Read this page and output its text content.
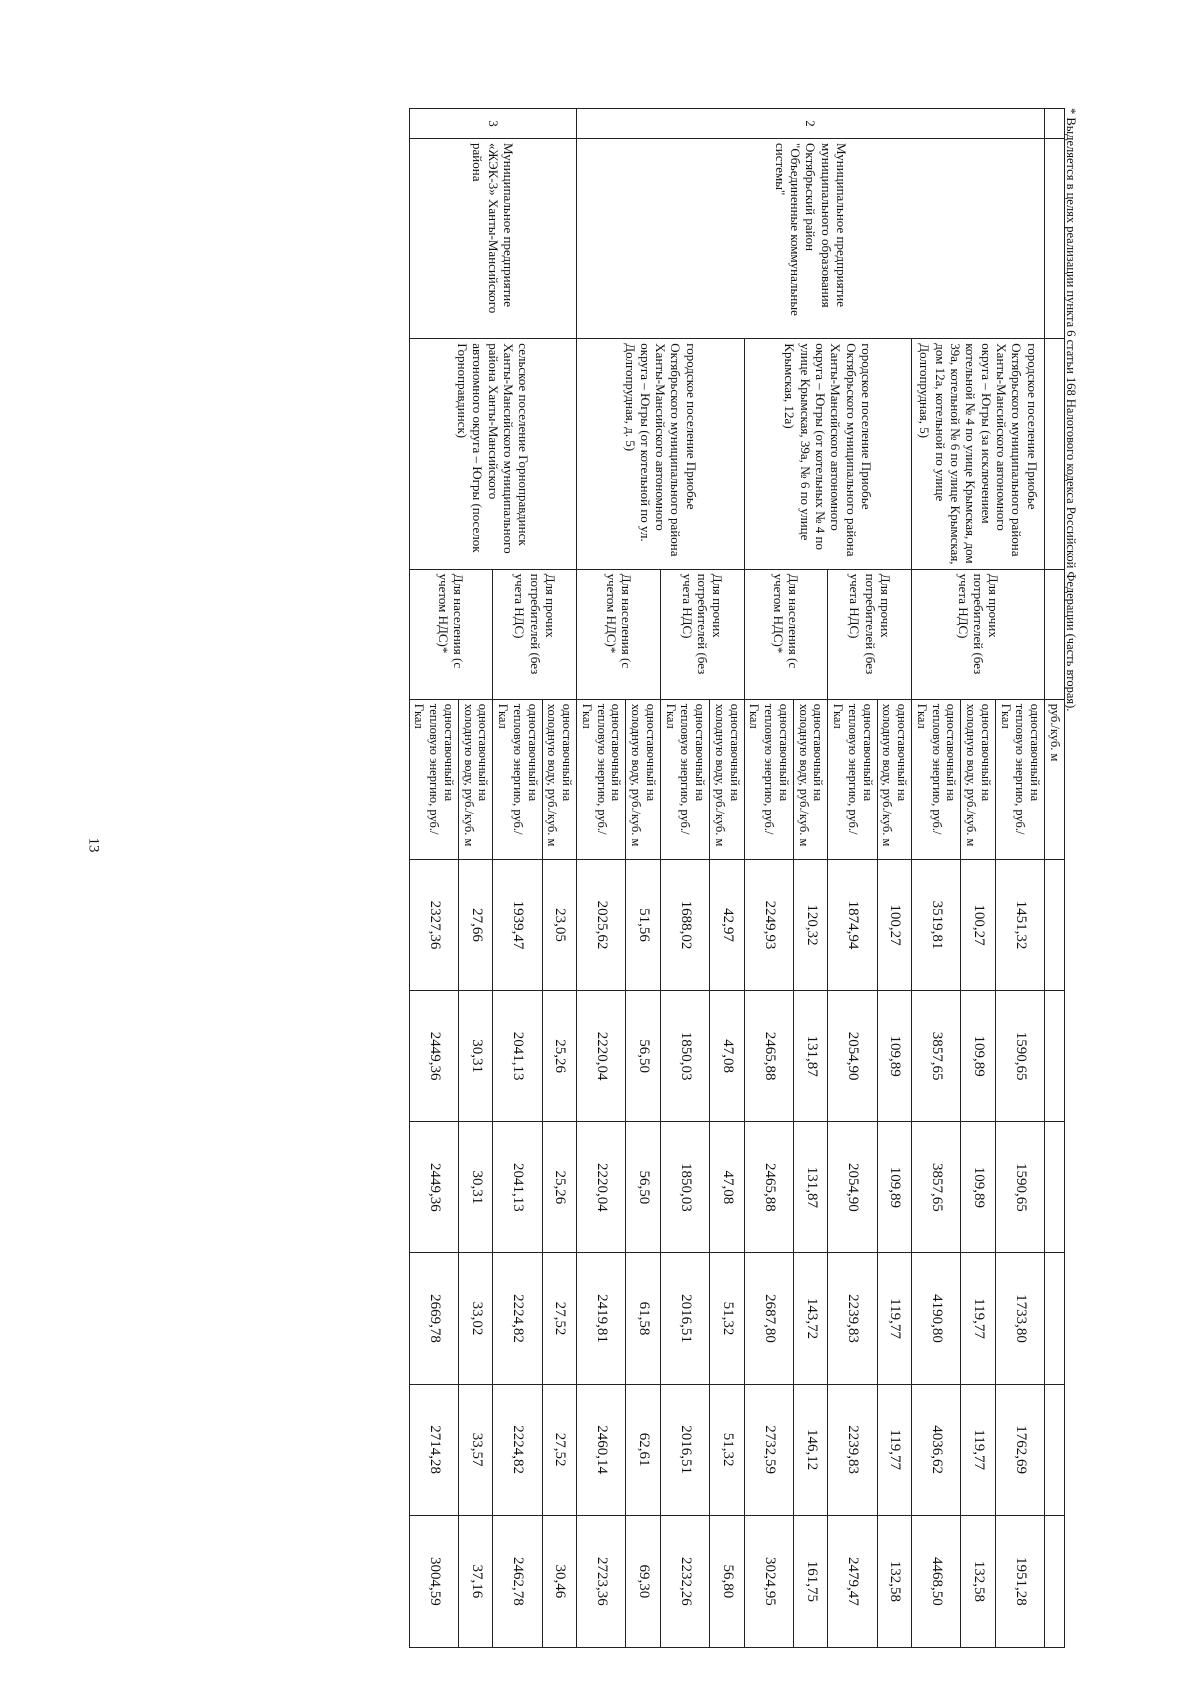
13
				руб./куб. м						
2	Муниципальное предприятие муниципального образования Октябрьский район "Объединенные коммунальные системы"	городское поселение Приобье Октябрьского муниципального района Ханты-Мансийского автономного округа – Югры (за исключением котельной № 4 по улице Крымская, дом 39а, котельной № 6 по улице Крымская, дом 12а, котельной по улице Долгопрудная, 5)	Для прочих потребителей (без учета НДС)	одноставочный на тепловую энергию, руб./ Гкал	1451,32	1590,65	1590,65	1733,80	1762,69	1951,28
				одноставочный на холодную воду, руб./куб. м	100,27	109,89	109,89	119,77	119,77	132,58
				одноставочный на тепловую энергию, руб./ Гкал	3519,81	3857,65	3857,65	4190,80	4036,62	4468,50
		городское поселение Приобье Октябрьского муниципального района Ханты-Мансийского автономного округа – Югры (от котельных № 4 по улице Крымская, 39а, № 6 по улице Крымская, 12а)	Для прочих потребителей (без учета НДС)	одноставочный на холодную воду, руб./куб. м	100,27	109,89	109,89	119,77	119,77	132,58
				одноставочный на тепловую энергию, руб./ Гкал	1874,94	2054,90	2054,90	2239,83	2239,83	2479,47
			Для населения (с учетом НДС)*	одноставочный на холодную воду, руб./куб. м	120,32	131,87	131,87	143,72	146,12	161,75
				одноставочный на тепловую энергию, руб./ Гкал	2249,93	2465,88	2465,88	2687,80	2732,59	3024,95
		городское поселение Приобье Октябрьского муниципального района Ханты-Мансийского автономного округа – Югры (от котельной по ул. Долгопрудная, д. 5)	Для прочих потребителей (без учета НДС)	одноставочный на холодную воду, руб./куб. м	42,97	47,08	47,08	51,32	51,32	56,80
				одноставочный на тепловую энергию, руб./ Гкал	1688,02	1850,03	1850,03	2016,51	2016,51	2232,26
			Для населения (с учетом НДС)*	одноставочный на холодную воду, руб./куб. м	51,56	56,50	56,50	61,58	62,61	69,30
				одноставочный на тепловую энергию, руб./ Гкал	2025,62	2220,04	2220,04	2419,81	2460,14	2723,36
3	Муниципальное предприятие «ЖЭК-3» Ханты-Мансийского района	сельское поселение Горноправдинск Ханты-Мансийского муниципального района Ханты-Мансийского автономного округа – Югры (поселок Горноправдинск)	Для прочих потребителей (без учета НДС)	одноставочный на холодную воду, руб./куб. м	23,05	25,26	25,26	27,52	27,52	30,46
				одноставочный на тепловую энергию, руб./ Гкал	1939,47	2041,13	2041,13	2224,82	2224,82	2462,78
			Для населения (с учетом НДС)*	одноставочный на холодную воду, руб./куб. м	27,66	30,31	30,31	33,02	33,57	37,16
				одноставочный на тепловую энергию, руб./ Гкал	2327,36	2449,36	2449,36	2669,78	2714,28	3004,59
* Выделяется в целях реализации пункта 6 статьи 168 Налогового кодекса Российской Федерации (часть вторая).
